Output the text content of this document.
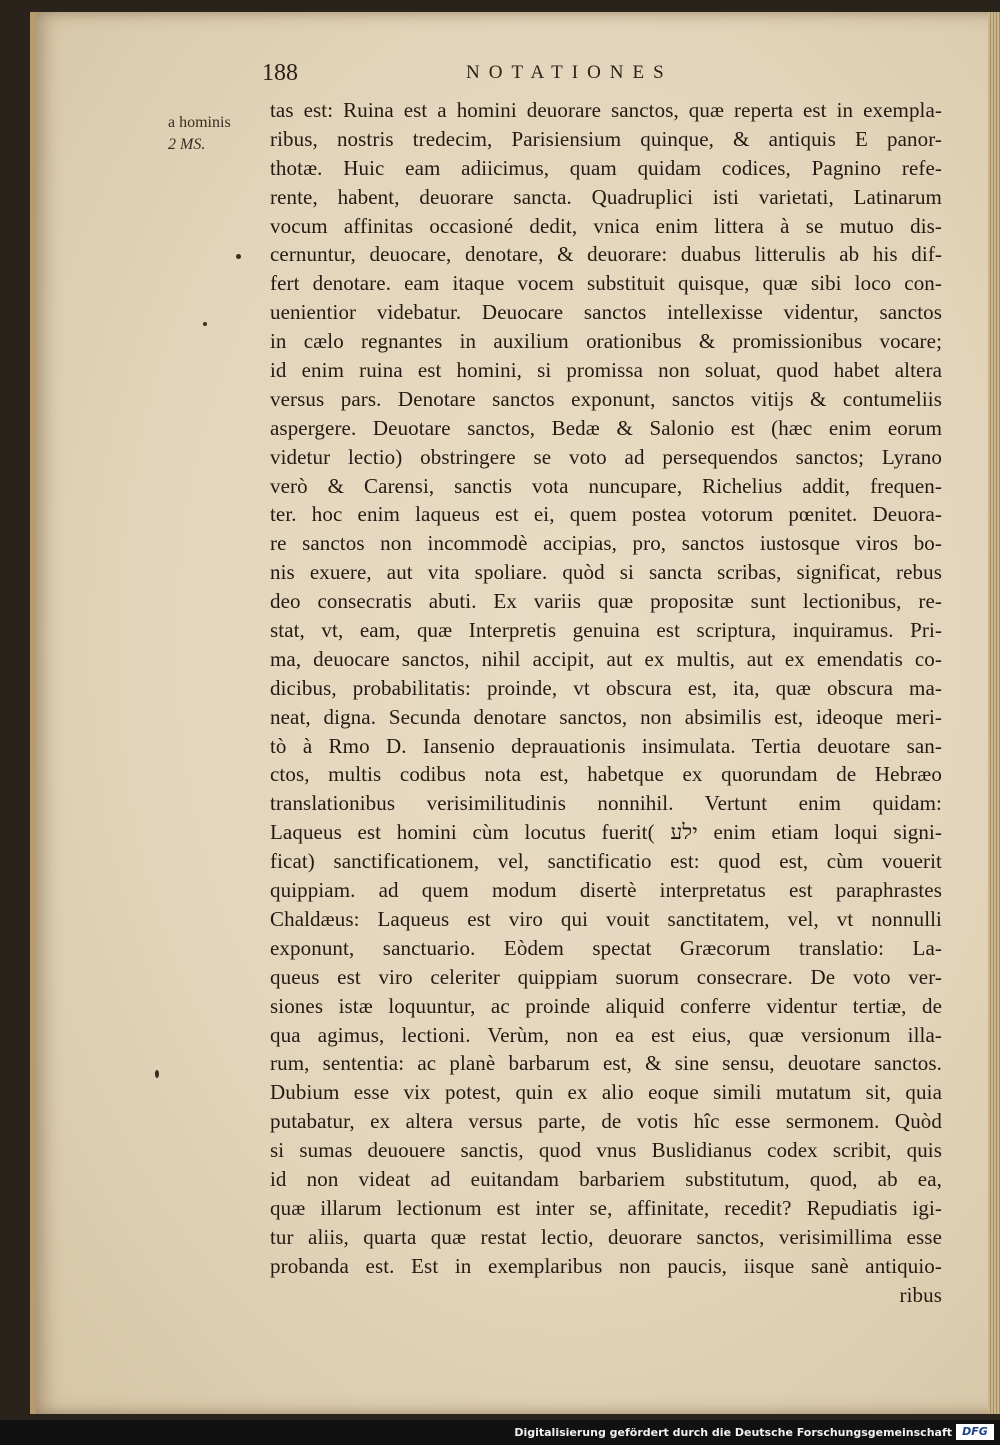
188	NOTATIONES
a hominis
2 MS.
tas est: Ruina est a homini deuorare sanctos, quæ reperta est in exempla-
ribus, nostris tredecim, Parisiensium quinque, & antiquis E panor-
thotæ. Huic eam adiicimus, quam quidam codices, Pagnino refe-
rente, habent, deuorare sancta. Quadruplici isti varietati, Latinarum
vocum affinitas occasioné dedit, vnica enim littera à se mutuo dis-
cernuntur, deuocare, denotare, & deuorare: duabus litterulis ab his dif-
fert denotare. eam itaque vocem substituit quisque, quæ sibi loco con-
uenientior videbatur. Deuocare sanctos intellexisse videntur, sanctos
in cælo regnantes in auxilium orationibus & promissionibus vocare;
id enim ruina est homini, si promissa non soluat, quod habet altera
versus pars. Denotare sanctos exponunt, sanctos vitijs & contumeliis
aspergere. Deuotare sanctos, Bedæ & Salonio est (hæc enim eorum
videtur lectio) obstringere se voto ad persequendos sanctos; Lyrano
verò & Carensi, sanctis vota nuncupare, Richelius addit, frequen-
ter. hoc enim laqueus est ei, quem postea votorum pœnitet. Deuora-
re sanctos non incommodè accipias, pro, sanctos iustosque viros bo-
nis exuere, aut vita spoliare. quòd si sancta scribas, significat, rebus
deo consecratis abuti. Ex variis quæ propositæ sunt lectionibus, re-
stat, vt, eam, quæ Interpretis genuina est scriptura, inquiramus. Pri-
ma, deuocare sanctos, nihil accipit, aut ex multis, aut ex emendatis co-
dicibus, probabilitatis: proinde, vt obscura est, ita, quæ obscura ma-
neat, digna. Secunda denotare sanctos, non absimilis est, ideoque meri-
tò à Rmo D. Iansenio deprauationis insimulata. Tertia deuotare san-
ctos, multis codibus nota est, habetque ex quorundam de Hebræo
translationibus verisimilitudinis nonnihil. Vertunt enim quidam:
Laqueus est homini cùm locutus fuerit( ילע enim etiam loqui signi-
ficat) sanctificationem, vel, sanctificatio est: quod est, cùm vouerit
quippiam. ad quem modum disertè interpretatus est paraphrastes
Chaldæus: Laqueus est viro qui vouit sanctitatem, vel, vt nonnulli
exponunt, sanctuario. Eòdem spectat Græcorum translatio: La-
queus est viro celeriter quippiam suorum consecrare. De voto ver-
siones istæ loquuntur, ac proinde aliquid conferre videntur tertiæ, de
qua agimus, lectioni. Verùm, non ea est eius, quæ versionum illa-
rum, sententia: ac planè barbarum est, & sine sensu, deuotare sanctos.
Dubium esse vix potest, quin ex alio eoque simili mutatum sit, quia
putabatur, ex altera versus parte, de votis hîc esse sermonem. Quòd
si sumas deuouere sanctis, quod vnus Buslidianus codex scribit, quis
id non videat ad euitandam barbariem substitutum, quod, ab ea,
quæ illarum lectionum est inter se, affinitate, recedit? Repudiatis igi-
tur aliis, quarta quæ restat lectio, deuorare sanctos, verisimillima esse
probanda est. Est in exemplaribus non paucis, iisque sanè antiquio-
ribus
Digitalisierung gefördert durch die Deutsche Forschungsgemeinschaft DFG
